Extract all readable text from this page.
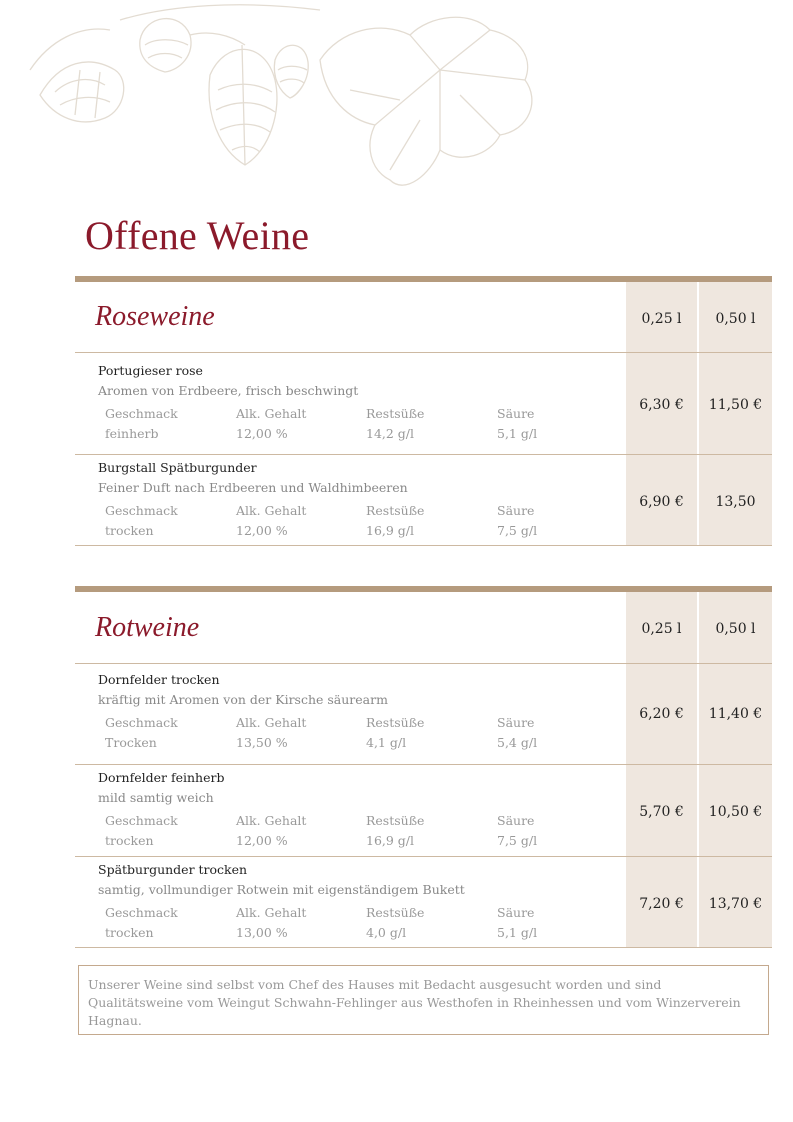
Offene Weine
Roseweine	0,25 l	0,50 l
Portugieser rose
Aromen von Erdbeere, frisch beschwingt
Geschmack	Alk. Gehalt	Restsüße	Säure
feinherb	12,00 %	14,2 g/l	5,1 g/l
6,30 €	11,50 €
Burgstall Spätburgunder
Feiner Duft nach Erdbeeren und Waldhimbeeren
Geschmack	Alk. Gehalt	Restsüße	Säure
trocken	12,00 %	16,9 g/l	7,5 g/l
6,90 €	13,50
Rotweine	0,25 l	0,50 l
Dornfelder trocken
kräftig mit Aromen von der Kirsche säurearm
Geschmack	Alk. Gehalt	Restsüße	Säure
Trocken	13,50 %	4,1 g/l	5,4 g/l
6,20 €	11,40 €
Dornfelder feinherb
mild samtig weich
Geschmack	Alk. Gehalt	Restsüße	Säure
trocken	12,00 %	16,9 g/l	7,5 g/l
5,70 €	10,50 €
Spätburgunder trocken
samtig, vollmundiger Rotwein mit eigenständigem Bukett
Geschmack	Alk. Gehalt	Restsüße	Säure
trocken	13,00 %	4,0 g/l	5,1 g/l
7,20 €	13,70 €
Unserer Weine sind selbst vom Chef des Hauses mit Bedacht ausgesucht worden und sind Qualitätsweine vom Weingut Schwahn-Fehlinger aus Westhofen in Rheinhessen und vom Winzerverein Hagnau.
